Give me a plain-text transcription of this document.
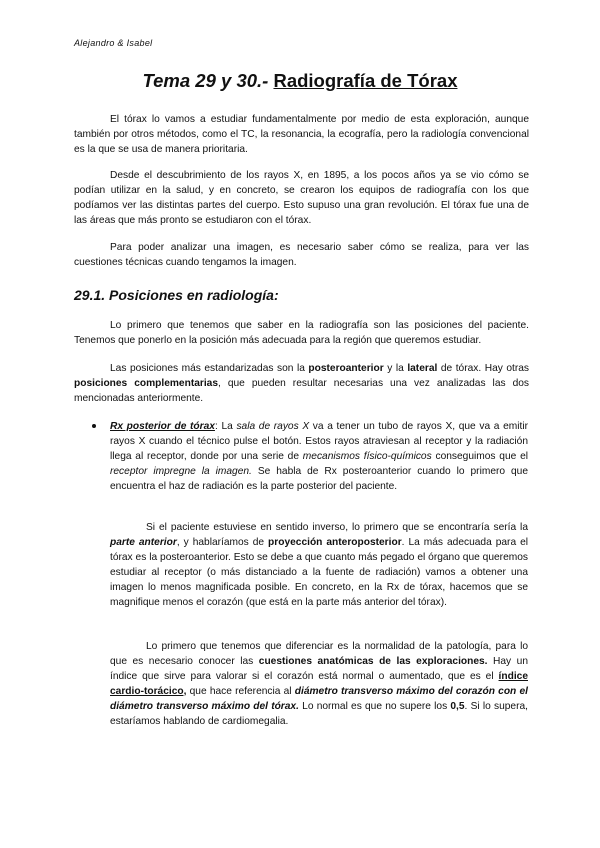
Alejandro & Isabel
Tema 29 y 30.- Radiografía de Tórax
El tórax lo vamos a estudiar fundamentalmente por medio de esta exploración, aunque también por otros métodos, como el TC, la resonancia, la ecografía, pero la radiología convencional es la que se usa de manera prioritaria.
Desde el descubrimiento de los rayos X, en 1895, a los pocos años ya se vio cómo se podían utilizar en la salud, y en concreto, se crearon los equipos de radiografía con los que podíamos ver las distintas partes del cuerpo. Esto supuso una gran revolución. El tórax fue una de las áreas que más pronto se estudiaron con el tórax.
Para poder analizar una imagen, es necesario saber cómo se realiza, para ver las cuestiones técnicas cuando tengamos la imagen.
29.1. Posiciones en radiología:
Lo primero que tenemos que saber en la radiografía son las posiciones del paciente. Tenemos que ponerlo en la posición más adecuada para la región que queremos estudiar.
Las posiciones más estandarizadas son la posteroanterior y la lateral de tórax. Hay otras posiciones complementarias, que pueden resultar necesarias una vez analizadas las dos mencionadas anteriormente.
Rx posterior de tórax: La sala de rayos X va a tener un tubo de rayos X, que va a emitir rayos X cuando el técnico pulse el botón. Estos rayos atraviesan al receptor y la radiación llega al receptor, donde por una serie de mecanismos físico-químicos conseguimos que el receptor impregne la imagen. Se habla de Rx posteroanterior cuando lo primero que encuentra el haz de radiación es la parte posterior del paciente.
Si el paciente estuviese en sentido inverso, lo primero que se encontraría sería la parte anterior, y hablaríamos de proyección anteroposterior. La más adecuada para el tórax es la posteroanterior. Esto se debe a que cuanto más pegado el órgano que queremos estudiar al receptor (o más distanciado a la fuente de radiación) vamos a obtener una imagen lo menos magnificada posible. En concreto, en la Rx de tórax, hacemos que se magnifique menos el corazón (que está en la parte más anterior del tórax).
Lo primero que tenemos que diferenciar es la normalidad de la patología, para lo que es necesario conocer las cuestiones anatómicas de las exploraciones. Hay un índice que sirve para valorar si el corazón está normal o aumentado, que es el índice cardio-torácico, que hace referencia al diámetro transverso máximo del corazón con el diámetro transverso máximo del tórax. Lo normal es que no supere los 0,5. Si lo supera, estaríamos hablando de cardiomegalia.
